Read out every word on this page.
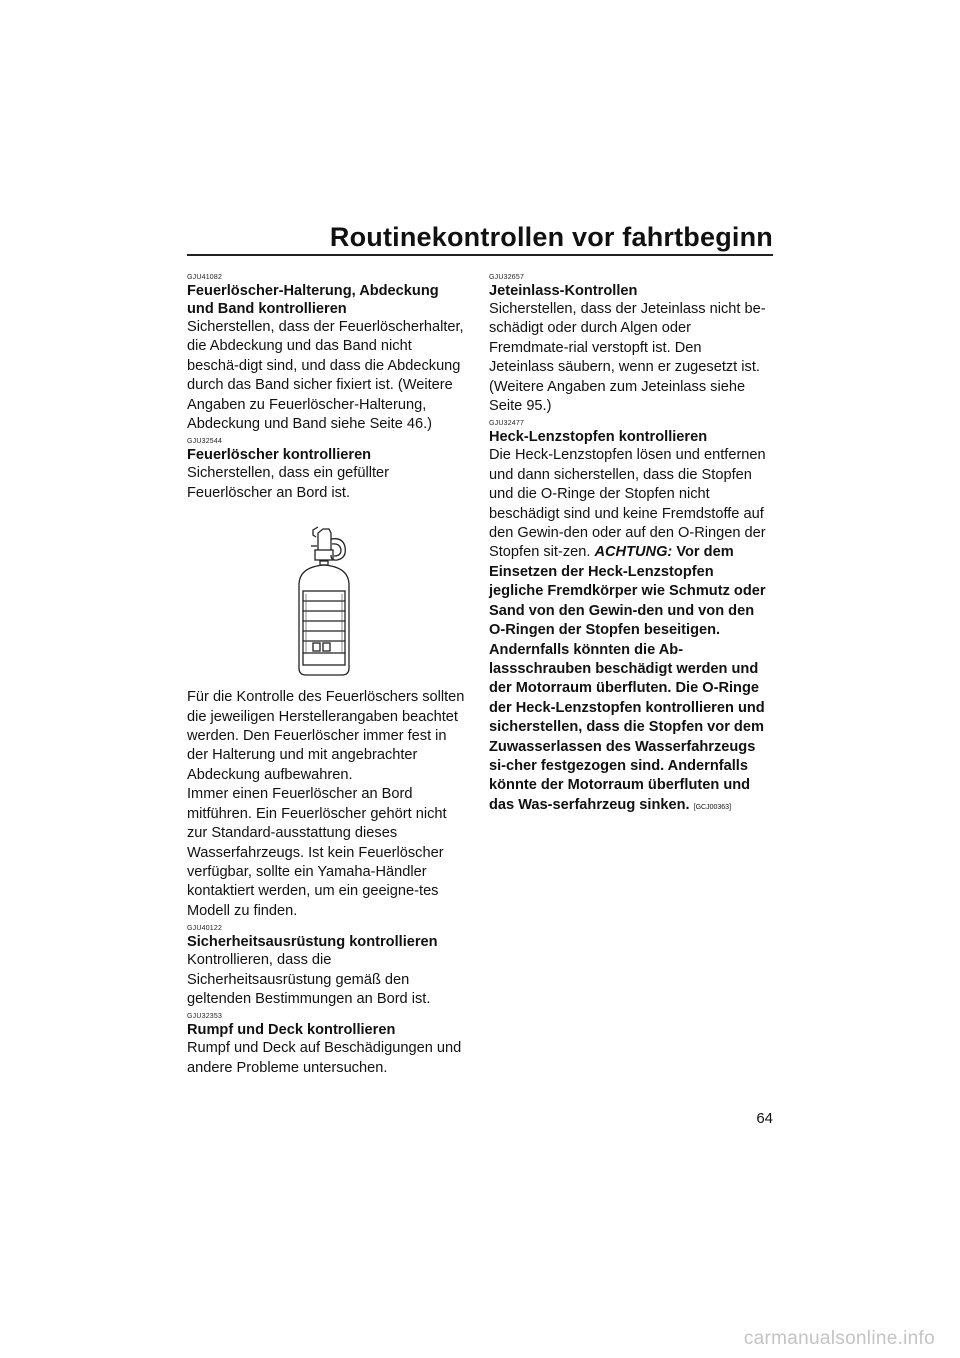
Routinekontrollen vor fahrtbeginn
GJU41082
Feuerlöscher-Halterung, Abdeckung und Band kontrollieren

Sicherstellen, dass der Feuerlöscherhalter, die Abdeckung und das Band nicht beschä-digt sind, und dass die Abdeckung durch das Band sicher fixiert ist. (Weitere Angaben zu Feuerlöscher-Halterung, Abdeckung und Band siehe Seite 46.)

GJU32544
Feuerlöscher kontrollieren

Sicherstellen, dass ein gefüllter Feuerlöscher an Bord ist.

Für die Kontrolle des Feuerlöschers sollten die jeweiligen Herstellerangaben beachtet werden. Den Feuerlöscher immer fest in der Halterung und mit angebrachter Abdeckung aufbewahren.

Immer einen Feuerlöscher an Bord mitführen. Ein Feuerlöscher gehört nicht zur Standard-ausstattung dieses Wasserfahrzeugs. Ist kein Feuerlöscher verfügbar, sollte ein Yamaha-Händler kontaktiert werden, um ein geeigne-tes Modell zu finden.

GJU40122
Sicherheitsausrüstung kontrollieren

Kontrollieren, dass die Sicherheitsausrüstung gemäß den geltenden Bestimmungen an Bord ist.

GJU32353
Rumpf und Deck kontrollieren

Rumpf und Deck auf Beschädigungen und andere Probleme untersuchen.

GJU32657
Jeteinlass-Kontrollen

Sicherstellen, dass der Jeteinlass nicht be-schädigt oder durch Algen oder Fremdmate-rial verstopft ist. Den Jeteinlass säubern, wenn er zugesetzt ist. (Weitere Angaben zum Jeteinlass siehe Seite 95.)

GJU32477
Heck-Lenzstopfen kontrollieren

Die Heck-Lenzstopfen lösen und entfernen und dann sicherstellen, dass die Stopfen und die O-Ringe der Stopfen nicht beschädigt sind und keine Fremdstoffe auf den Gewin-den oder auf den O-Ringen der Stopfen sit-zen. ACHTUNG: Vor dem Einsetzen der Heck-Lenzstopfen jegliche Fremdkörper wie Schmutz oder Sand von den Gewin-den und von den O-Ringen der Stopfen beseitigen. Andernfalls könnten die Ab-lassschrauben beschädigt werden und der Motorraum überfluten. Die O-Ringe der Heck-Lenzstopfen kontrollieren und sicherstellen, dass die Stopfen vor dem Zuwasserlassen des Wasserfahrzeugs si-cher festgezogen sind. Andernfalls könnte der Motorraum überfluten und das Was-serfahrzeug sinken. [GCJ00363]

64
carmanualsonline.info
